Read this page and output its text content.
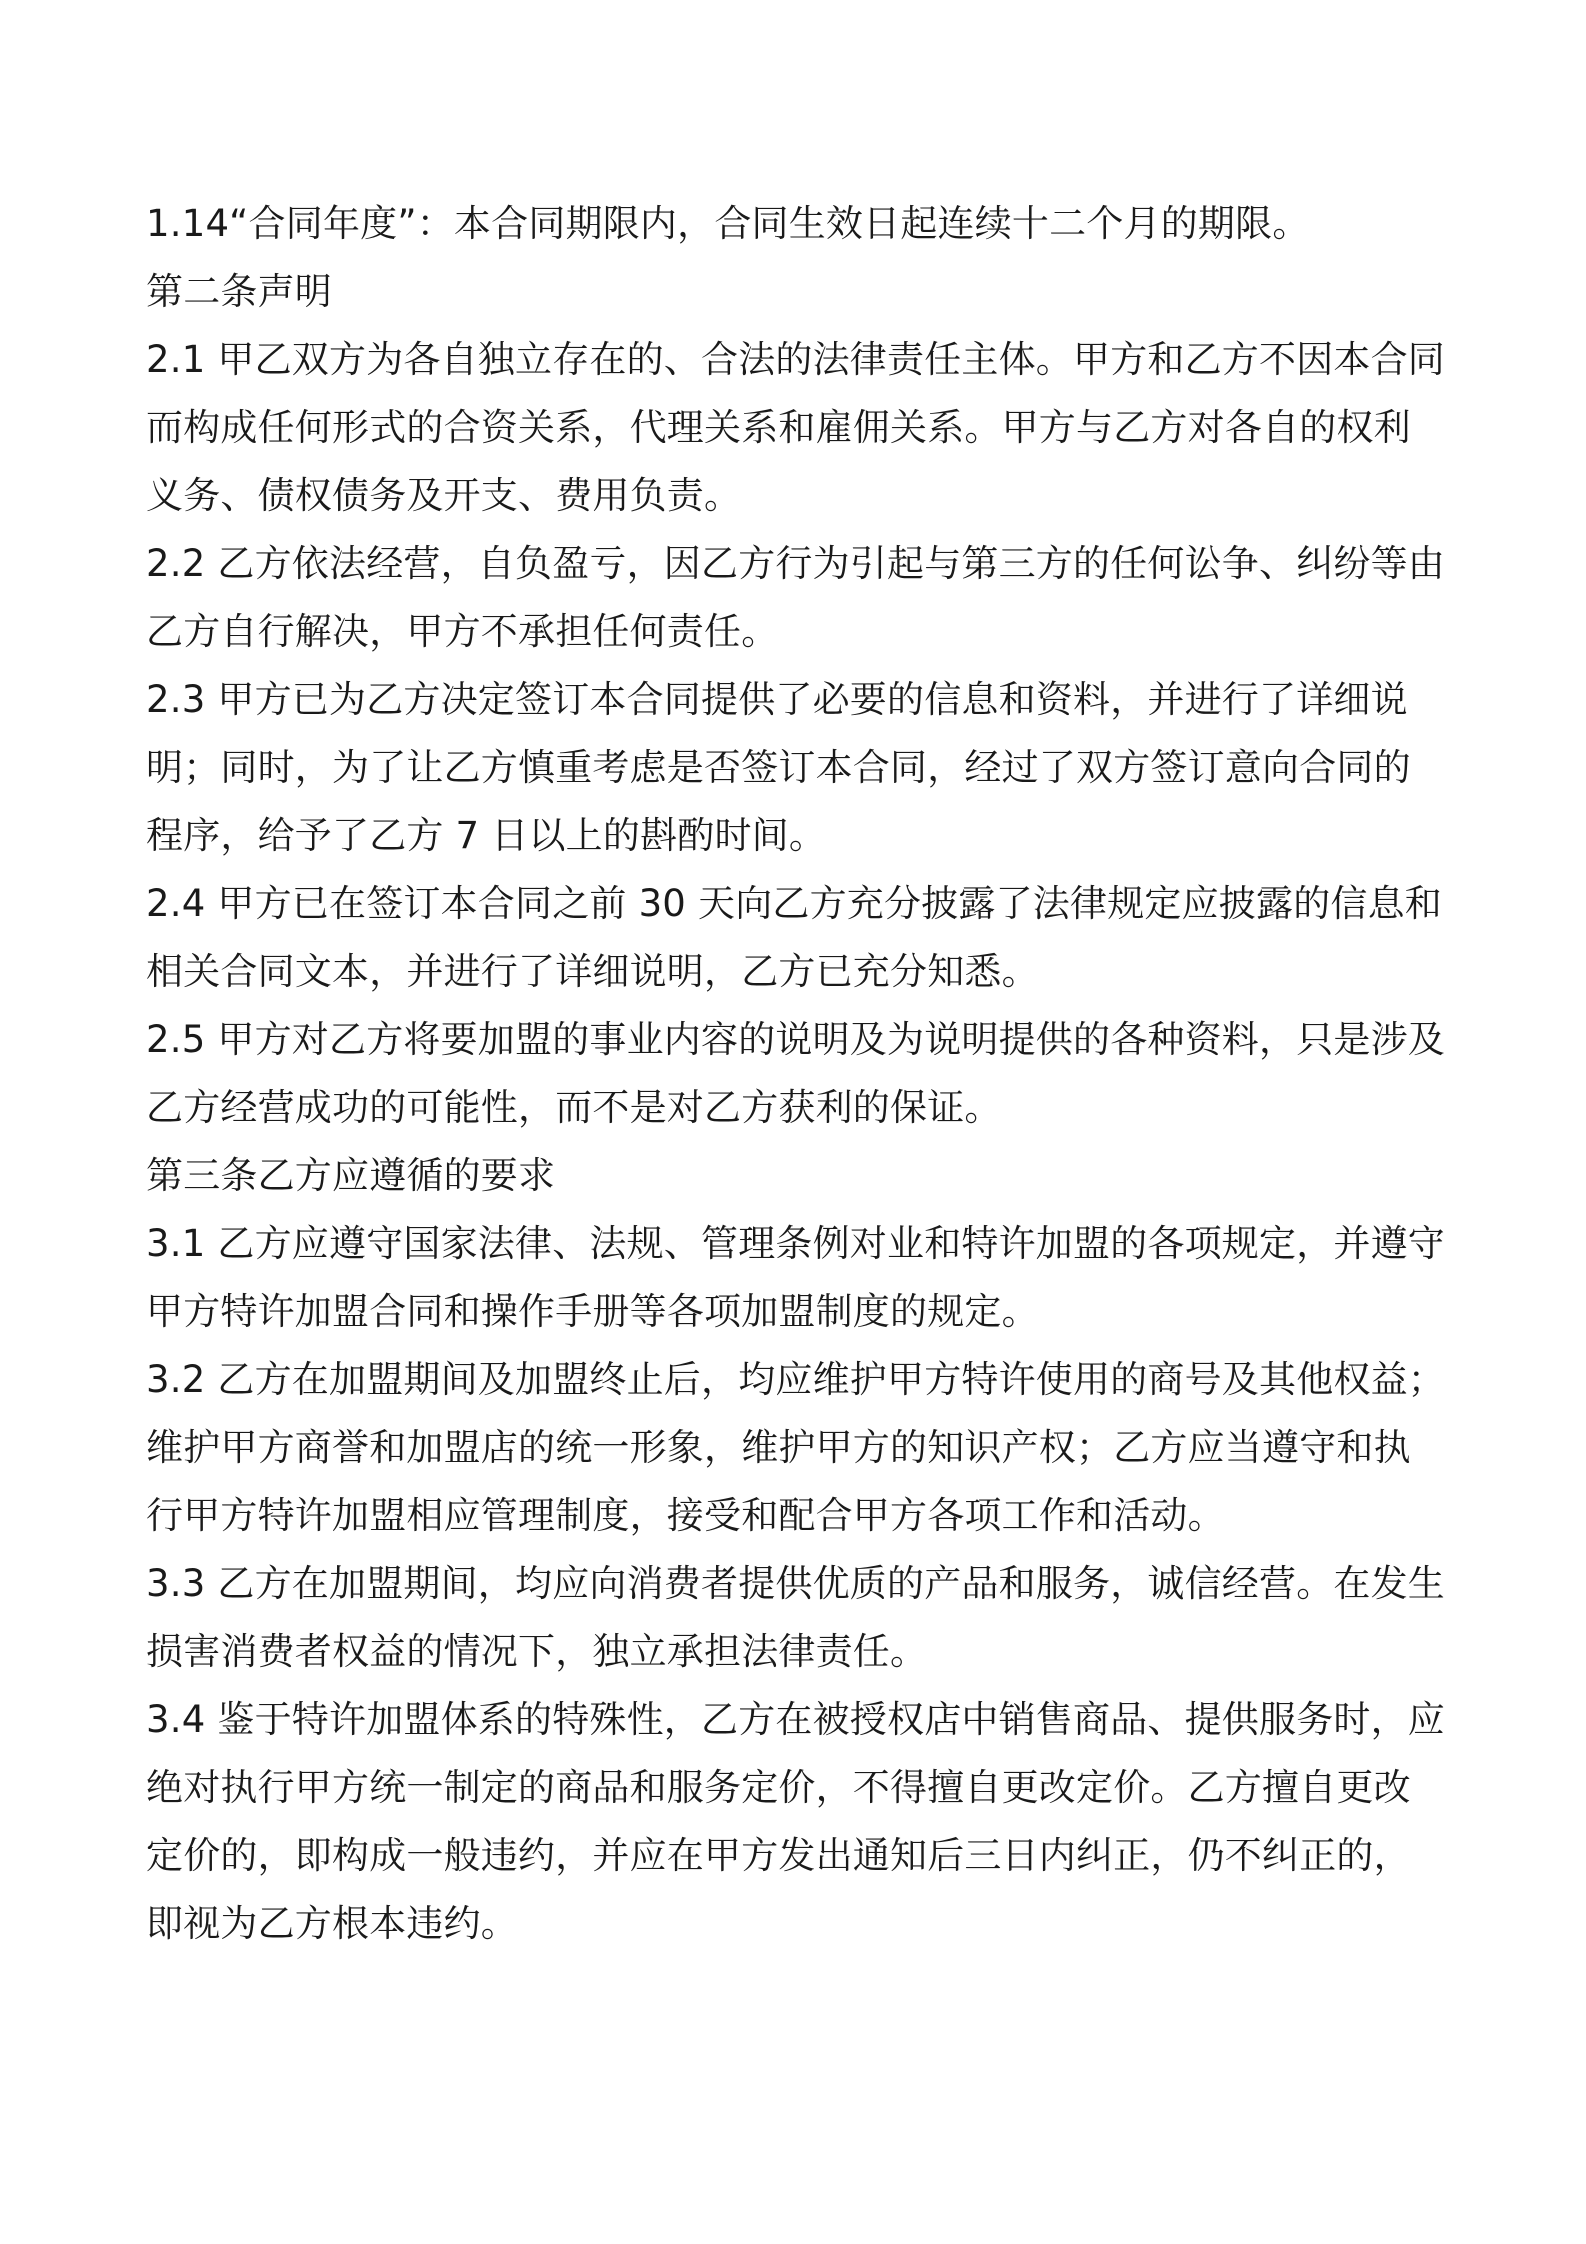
1.14“合同年度”：本合同期限内，合同生效日起连续十二个月的期限。

第二条声明

2.1 甲乙双方为各自独立存在的、合法的法律责任主体。甲方和乙方不因本合同
而构成任何形式的合资关系，代理关系和雇佣关系。甲方与乙方对各自的权利
义务、债权债务及开支、费用负责。

2.2 乙方依法经营，自负盈亏，因乙方行为引起与第三方的任何讼争、纠纷等由
乙方自行解决，甲方不承担任何责任。

2.3 甲方已为乙方决定签订本合同提供了必要的信息和资料，并进行了详细说
明；同时，为了让乙方慎重考虑是否签订本合同，经过了双方签订意向合同的
程序，给予了乙方 7 日以上的斟酌时间。

2.4 甲方已在签订本合同之前 30 天向乙方充分披露了法律规定应披露的信息和
相关合同文本，并进行了详细说明，乙方已充分知悉。

2.5 甲方对乙方将要加盟的事业内容的说明及为说明提供的各种资料，只是涉及
乙方经营成功的可能性，而不是对乙方获利的保证。

第三条乙方应遵循的要求

3.1 乙方应遵守国家法律、法规、管理条例对业和特许加盟的各项规定，并遵守
甲方特许加盟合同和操作手册等各项加盟制度的规定。

3.2 乙方在加盟期间及加盟终止后，均应维护甲方特许使用的商号及其他权益；
维护甲方商誉和加盟店的统一形象，维护甲方的知识产权；乙方应当遵守和执
行甲方特许加盟相应管理制度，接受和配合甲方各项工作和活动。

3.3 乙方在加盟期间，均应向消费者提供优质的产品和服务，诚信经营。在发生
损害消费者权益的情况下，独立承担法律责任。

3.4 鉴于特许加盟体系的特殊性，乙方在被授权店中销售商品、提供服务时，应
绝对执行甲方统一制定的商品和服务定价，不得擅自更改定价。乙方擅自更改
定价的，即构成一般违约，并应在甲方发出通知后三日内纠正，仍不纠正的，
即视为乙方根本违约。
